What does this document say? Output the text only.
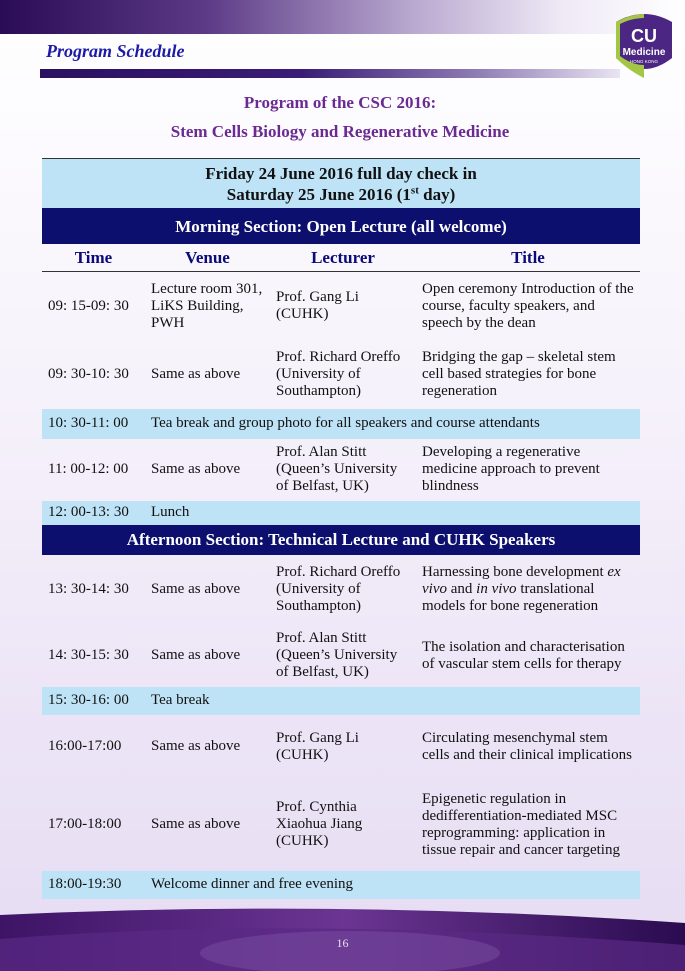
Program Schedule
CU
Medicine
HONG KONG
Program of the CSC 2016:
Stem Cells Biology and Regenerative Medicine
Friday 24 June 2016 full day check in
Saturday 25 June 2016 (1st day)			
Morning Section: Open Lecture (all welcome)			
Time	Venue	Lecturer	Title
09: 15-09: 30	Lecture room 301, LiKS Building, PWH	Prof. Gang Li (CUHK)	Open ceremony Introduction of the course, faculty speakers, and speech by the dean
09: 30-10: 30	Same as above	Prof. Richard Oreffo (University of Southampton)	Bridging the gap – skeletal stem cell based strategies for bone regeneration
10: 30-11: 00	Tea break and group photo for all speakers and course attendants		
11: 00-12: 00	Same as above	Prof. Alan Stitt (Queen’s University of Belfast, UK)	Developing a regenerative medicine approach to prevent blindness
12: 00-13: 30	Lunch		
Afternoon Section: Technical Lecture and CUHK Speakers			
13: 30-14: 30	Same as above	Prof. Richard Oreffo (University of Southampton)	Harnessing bone development ex vivo and in vivo translational models for bone regeneration
14: 30-15: 30	Same as above	Prof. Alan Stitt (Queen’s University of Belfast, UK)	The isolation and characterisation of vascular stem cells for therapy
15: 30-16: 00	Tea break		
16:00-17:00	Same as above	Prof. Gang Li (CUHK)	Circulating mesenchymal stem cells and their clinical implications
17:00-18:00	Same as above	Prof. Cynthia Xiaohua Jiang (CUHK)	Epigenetic regulation in dedifferentiation-mediated MSC reprogramming: application in tissue repair and cancer targeting
18:00-19:30	Welcome dinner and free evening		
16
